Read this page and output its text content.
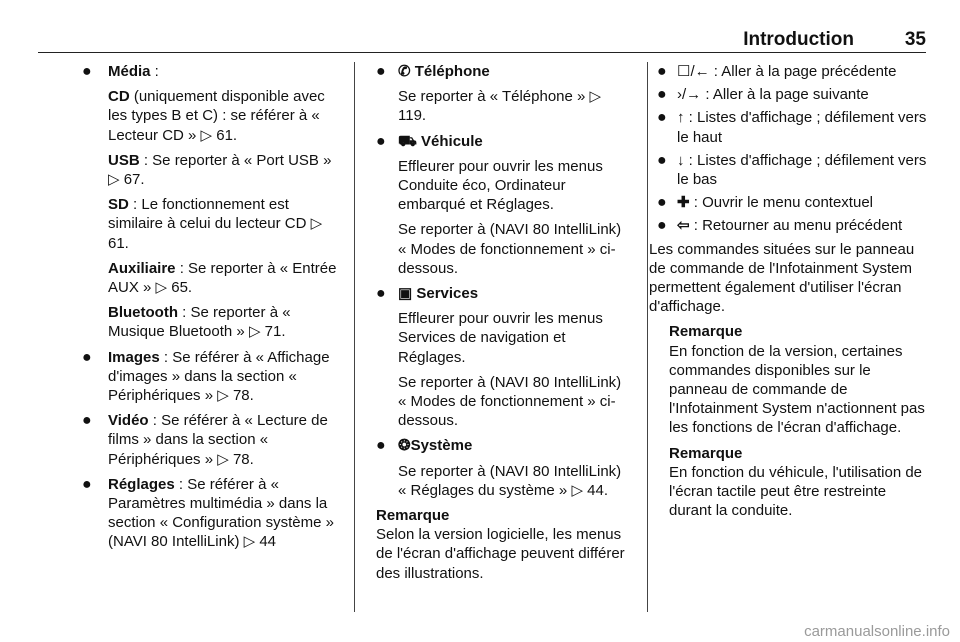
Introduction	35
● Média :
CD (uniquement disponible avec les types B et C) : se référer à « Lecteur CD » ▷ 61.
USB : Se reporter à « Port USB » ▷ 67.
SD : Le fonctionnement est similaire à celui du lecteur CD ▷ 61.
Auxiliaire : Se reporter à « Entrée AUX » ▷ 65.
Bluetooth : Se reporter à « Musique Bluetooth » ▷ 71.
● Images : Se référer à « Affichage d'images » dans la section « Périphériques » ▷ 78.
● Vidéo : Se référer à « Lecture de films » dans la section « Périphériques » ▷ 78.
● Réglages : Se référer à « Paramètres multimédia » dans la section « Configuration système » (NAVI 80 IntelliLink) ▷ 44
● ✆ Téléphone
Se reporter à « Téléphone » ▷ 119.
● ⛟ Véhicule
Effleurer pour ouvrir les menus Conduite éco, Ordinateur embarqué et Réglages.
Se reporter à (NAVI 80 IntelliLink) « Modes de fonctionnement » ci-dessous.
● ▣ Services
Effleurer pour ouvrir les menus Services de navigation et Réglages.
Se reporter à (NAVI 80 IntelliLink) « Modes de fonctionnement » ci-dessous.
● ❂Système
Se reporter à (NAVI 80 IntelliLink) « Réglages du système » ▷ 44.
Remarque
Selon la version logicielle, les menus de l'écran d'affichage peuvent différer des illustrations.
● ☐/← : Aller à la page précédente
● ›/→ : Aller à la page suivante
● ↑ : Listes d'affichage ; défilement vers le haut
● ↓ : Listes d'affichage ; défilement vers le bas
● ✚ : Ouvrir le menu contextuel
● ⇦ : Retourner au menu précédent
Les commandes situées sur le panneau de commande de l'Infotainment System permettent également d'utiliser l'écran d'affichage.
Remarque
En fonction de la version, certaines commandes disponibles sur le panneau de commande de l'Infotainment System n'actionnent pas les fonctions de l'écran d'affichage.
Remarque
En fonction du véhicule, l'utilisation de l'écran tactile peut être restreinte durant la conduite.
carmanualsonline.info
